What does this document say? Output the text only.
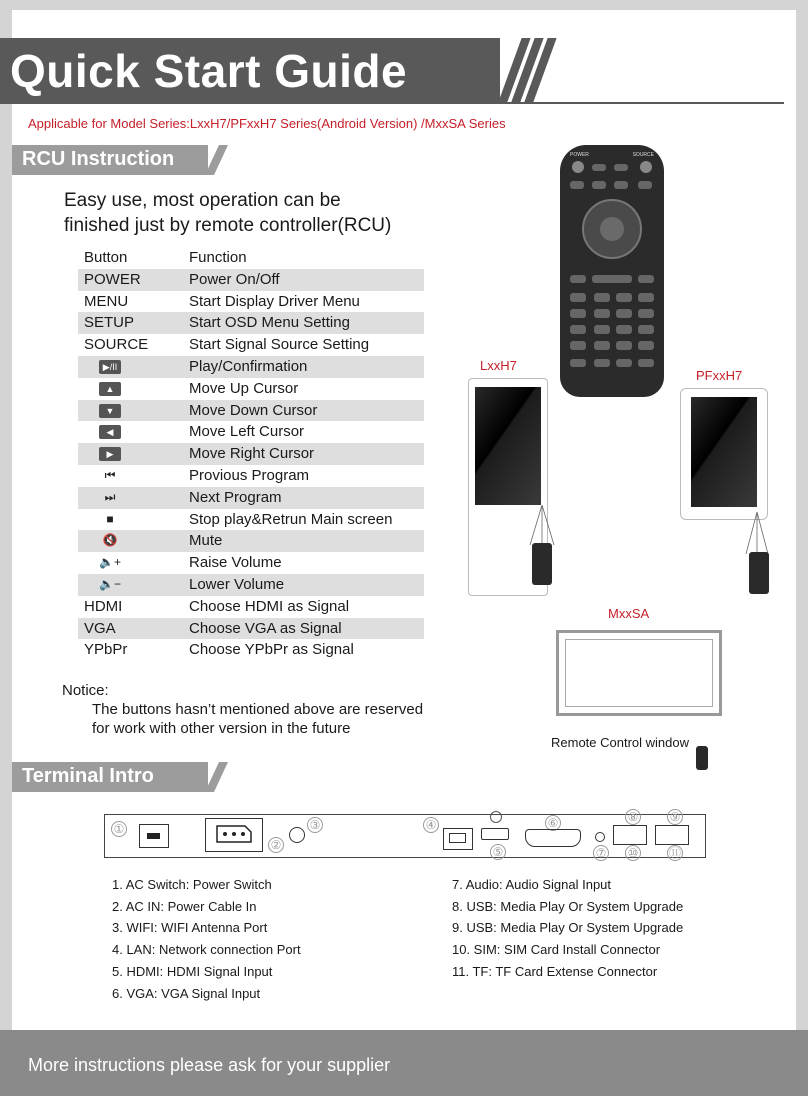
Quick Start Guide
Applicable for Model Series:LxxH7/PFxxH7 Series(Android Version) /MxxSA Series
RCU Instruction
Easy use, most operation can be
finished just by remote controller(RCU)
Button	Function
POWER	Power On/Off
MENU	Start Display Driver Menu
SETUP	Start OSD Menu Setting
SOURCE	Start Signal Source Setting
▶/II	Play/Confirmation
▲	Move Up Cursor
▼	Move Down Cursor
◀	Move Left Cursor
▶	Move Right Cursor
⏮	Provious Program
⏭	Next Program
■	Stop play&Retrun Main screen
🔇	Mute
🔈+	Raise Volume
🔈−	Lower Volume
HDMI	Choose HDMI as Signal
VGA	Choose VGA as Signal
YPbPr	Choose YPbPr as Signal
Notice:
The buttons hasn’t mentioned above are reserved
for work with other version in the future
POWER	SOURCE
LxxH7
PFxxH7
MxxSA
Remote Control window
Terminal Intro
①
②
③	④
⑤
⑥
⑦
⑧	⑨
⑩	⑪
1. AC Switch: Power Switch
2. AC IN: Power Cable In
3. WIFI: WIFI Antenna Port
4. LAN: Network connection Port
5. HDMI: HDMI Signal Input
6. VGA: VGA Signal Input
7. Audio: Audio Signal Input
8. USB: Media Play Or System Upgrade
9. USB: Media Play Or System Upgrade
10. SIM: SIM Card Install Connector
11. TF: TF Card Extense Connector
More instructions please ask for your supplier
